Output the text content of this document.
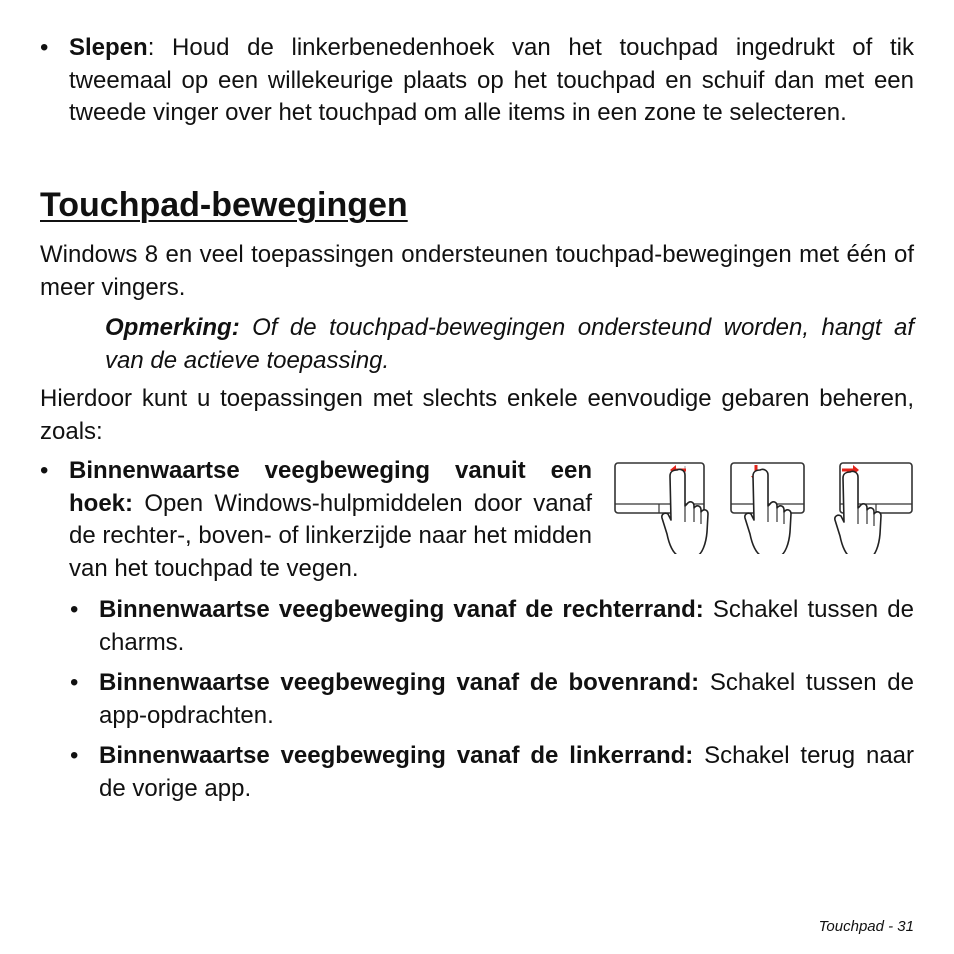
• Slepen: Houd de linkerbenedenhoek van het touchpad ingedrukt of tik tweemaal op een willekeurige plaats op het touchpad en schuif dan met een tweede vinger over het touchpad om alle items in een zone te selecteren.

Touchpad-bewegingen

Windows 8 en veel toepassingen ondersteunen touchpad-bewegingen met één of meer vingers.

Opmerking: Of de touchpad-bewegingen ondersteund worden, hangt af van de actieve toepassing.

Hierdoor kunt u toepassingen met slechts enkele eenvoudige gebaren beheren, zoals:

• Binnenwaartse veegbeweging vanuit een hoek: Open Windows-hulpmiddelen door vanaf de rechter-, boven- of linkerzijde naar het midden van het touchpad te vegen.

• Binnenwaartse veegbeweging vanaf de rechterrand: Schakel tussen de charms.

• Binnenwaartse veegbeweging vanaf de bovenrand: Schakel tussen de app-opdrachten.

• Binnenwaartse veegbeweging vanaf de linkerrand: Schakel terug naar de vorige app.

Touchpad - 31
